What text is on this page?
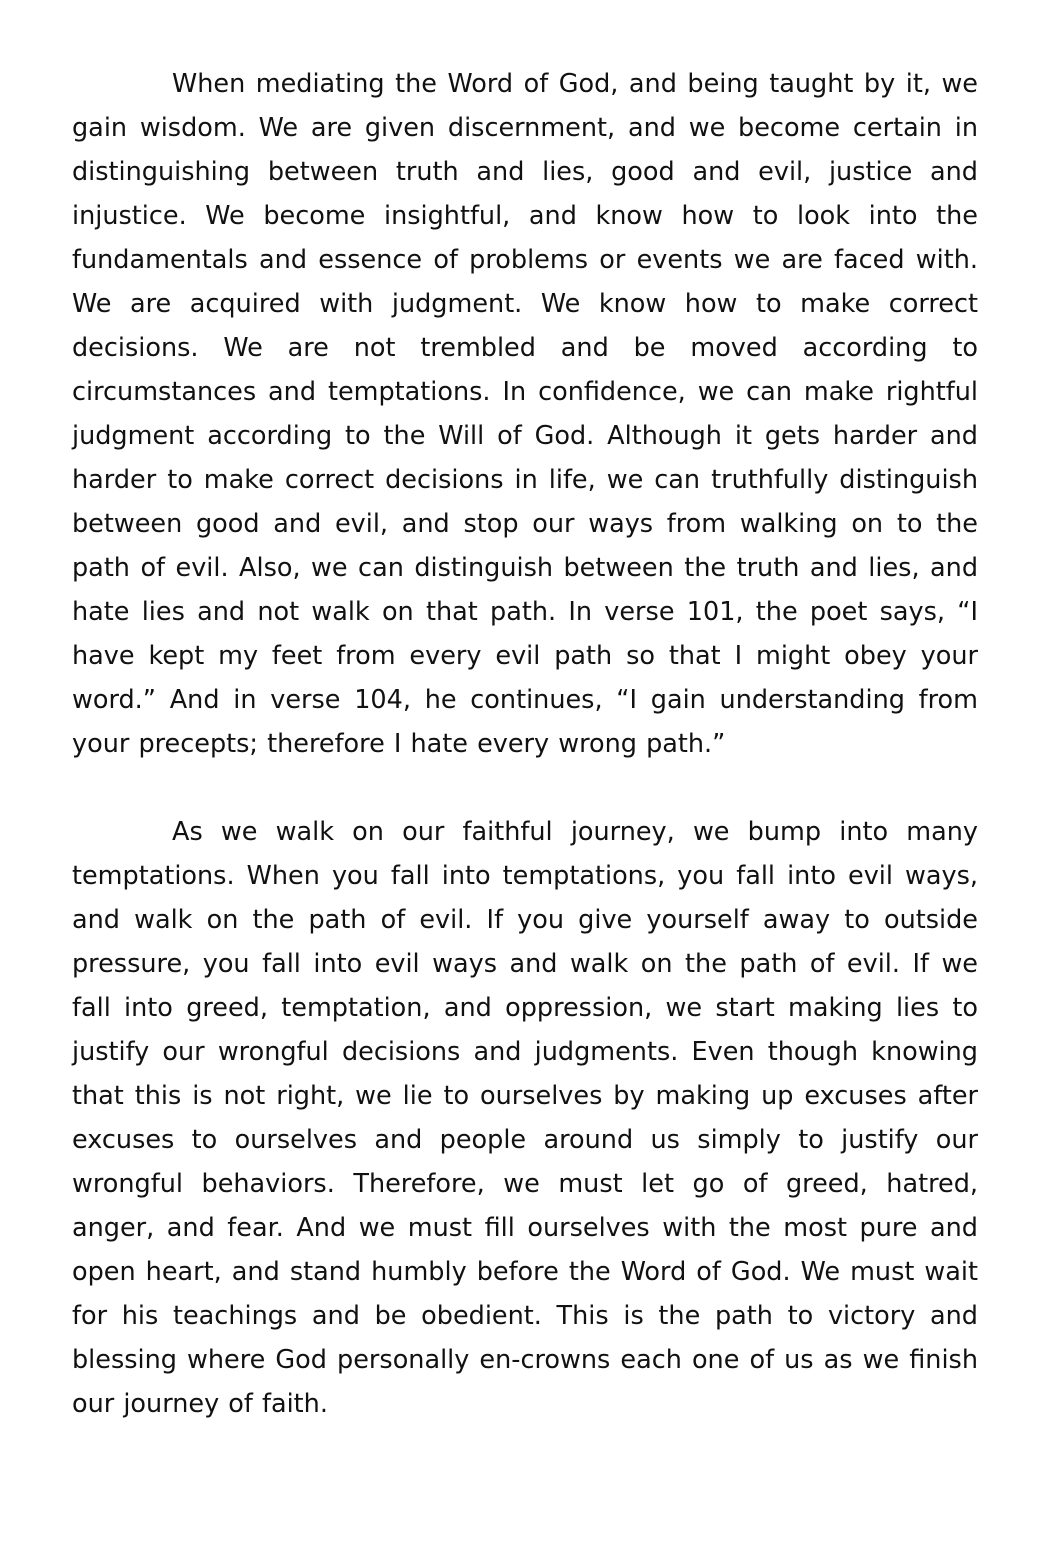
When mediating the Word of God, and being taught by it, we gain wisdom. We are given discernment, and we become certain in distinguishing between truth and lies, good and evil, justice and injustice. We become insightful, and know how to look into the fundamentals and essence of problems or events we are faced with. We are acquired with judgment. We know how to make correct decisions. We are not trembled and be moved according to circumstances and temptations. In confidence, we can make rightful judgment according to the Will of God. Although it gets harder and harder to make correct decisions in life, we can truthfully distinguish between good and evil, and stop our ways from walking on to the path of evil. Also, we can distinguish between the truth and lies, and hate lies and not walk on that path. In verse 101, the poet says, “I have kept my feet from every evil path so that I might obey your word.” And in verse 104, he continues, “I gain understanding from your precepts; therefore I hate every wrong path.”

As we walk on our faithful journey, we bump into many temptations. When you fall into temptations, you fall into evil ways, and walk on the path of evil. If you give yourself away to outside pressure, you fall into evil ways and walk on the path of evil. If we fall into greed, temptation, and oppression, we start making lies to justify our wrongful decisions and judgments. Even though knowing that this is not right, we lie to ourselves by making up excuses after excuses to ourselves and people around us simply to justify our wrongful behaviors. Therefore, we must let go of greed, hatred, anger, and fear. And we must fill ourselves with the most pure and open heart, and stand humbly before the Word of God. We must wait for his teachings and be obedient. This is the path to victory and blessing where God personally en-crowns each one of us as we finish our journey of faith.
